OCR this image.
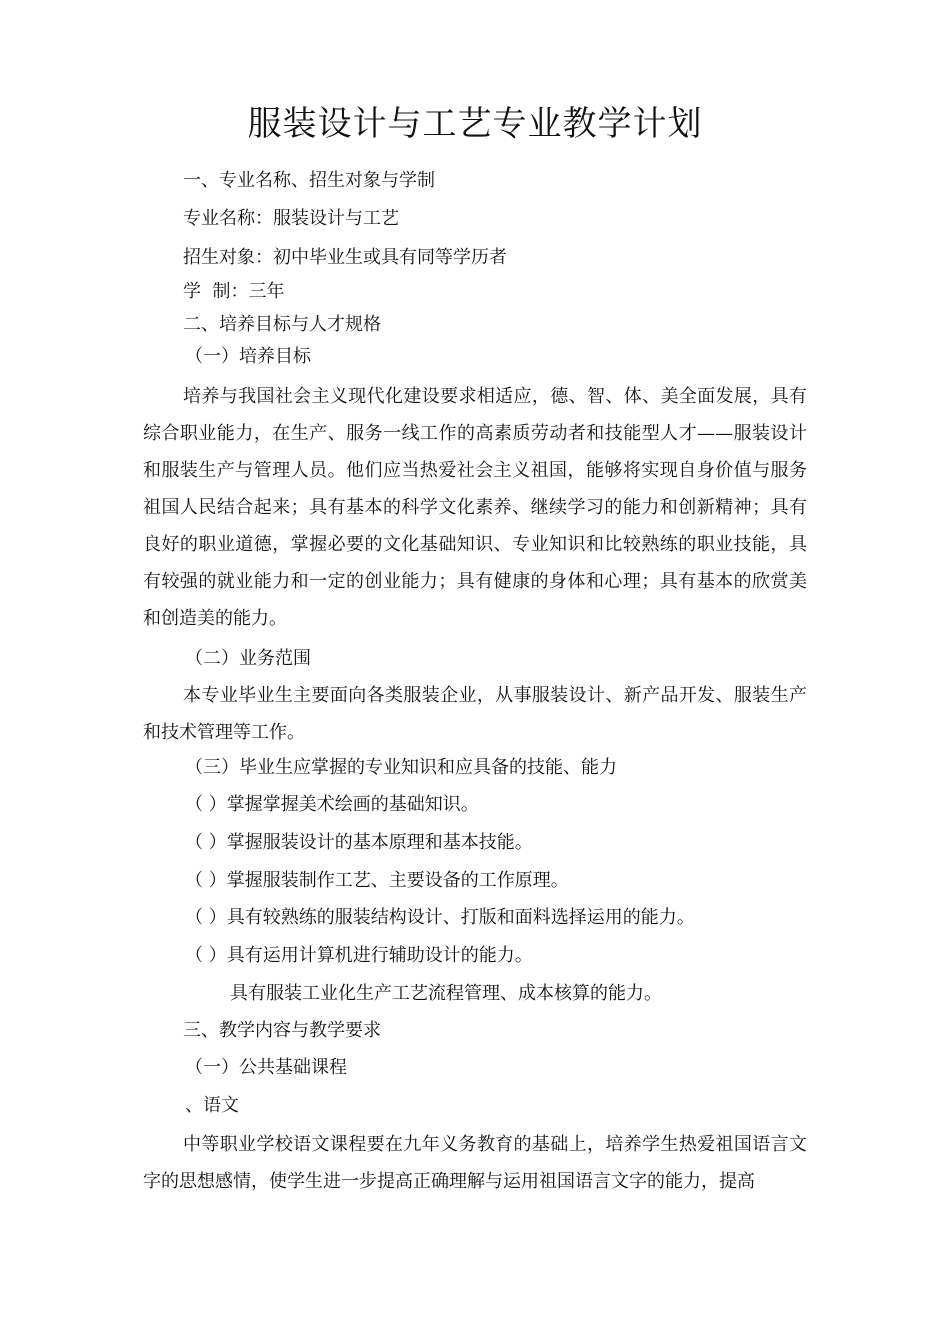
服装设计与工艺专业教学计划

一、专业名称、招生对象与学制

专业名称：服装设计与工艺

招生对象：初中毕业生或具有同等学历者

学  制：三年

二、培养目标与人才规格

（一）培养目标

培养与我国社会主义现代化建设要求相适应，德、智、体、美全面发展，具有综合职业能力，在生产、服务一线工作的高素质劳动者和技能型人才——服装设计和服装生产与管理人员。他们应当热爱社会主义祖国，能够将实现自身价值与服务祖国人民结合起来；具有基本的科学文化素养、继续学习的能力和创新精神；具有良好的职业道德，掌握必要的文化基础知识、专业知识和比较熟练的职业技能，具有较强的就业能力和一定的创业能力；具有健康的身体和心理；具有基本的欣赏美和创造美的能力。

（二）业务范围

本专业毕业生主要面向各类服装企业，从事服装设计、新产品开发、服装生产和技术管理等工作。

（三）毕业生应掌握的专业知识和应具备的技能、能力

（ ）掌握掌握美术绘画的基础知识。

（ ）掌握服装设计的基本原理和基本技能。

（ ）掌握服装制作工艺、主要设备的工作原理。

（ ）具有较熟练的服装结构设计、打版和面料选择运用的能力。

（ ）具有运用计算机进行辅助设计的能力。

具有服装工业化生产工艺流程管理、成本核算的能力。

三、教学内容与教学要求

（一）公共基础课程

、语文

中等职业学校语文课程要在九年义务教育的基础上，培养学生热爱祖国语言文字的思想感情，使学生进一步提高正确理解与运用祖国语言文字的能力，提高
